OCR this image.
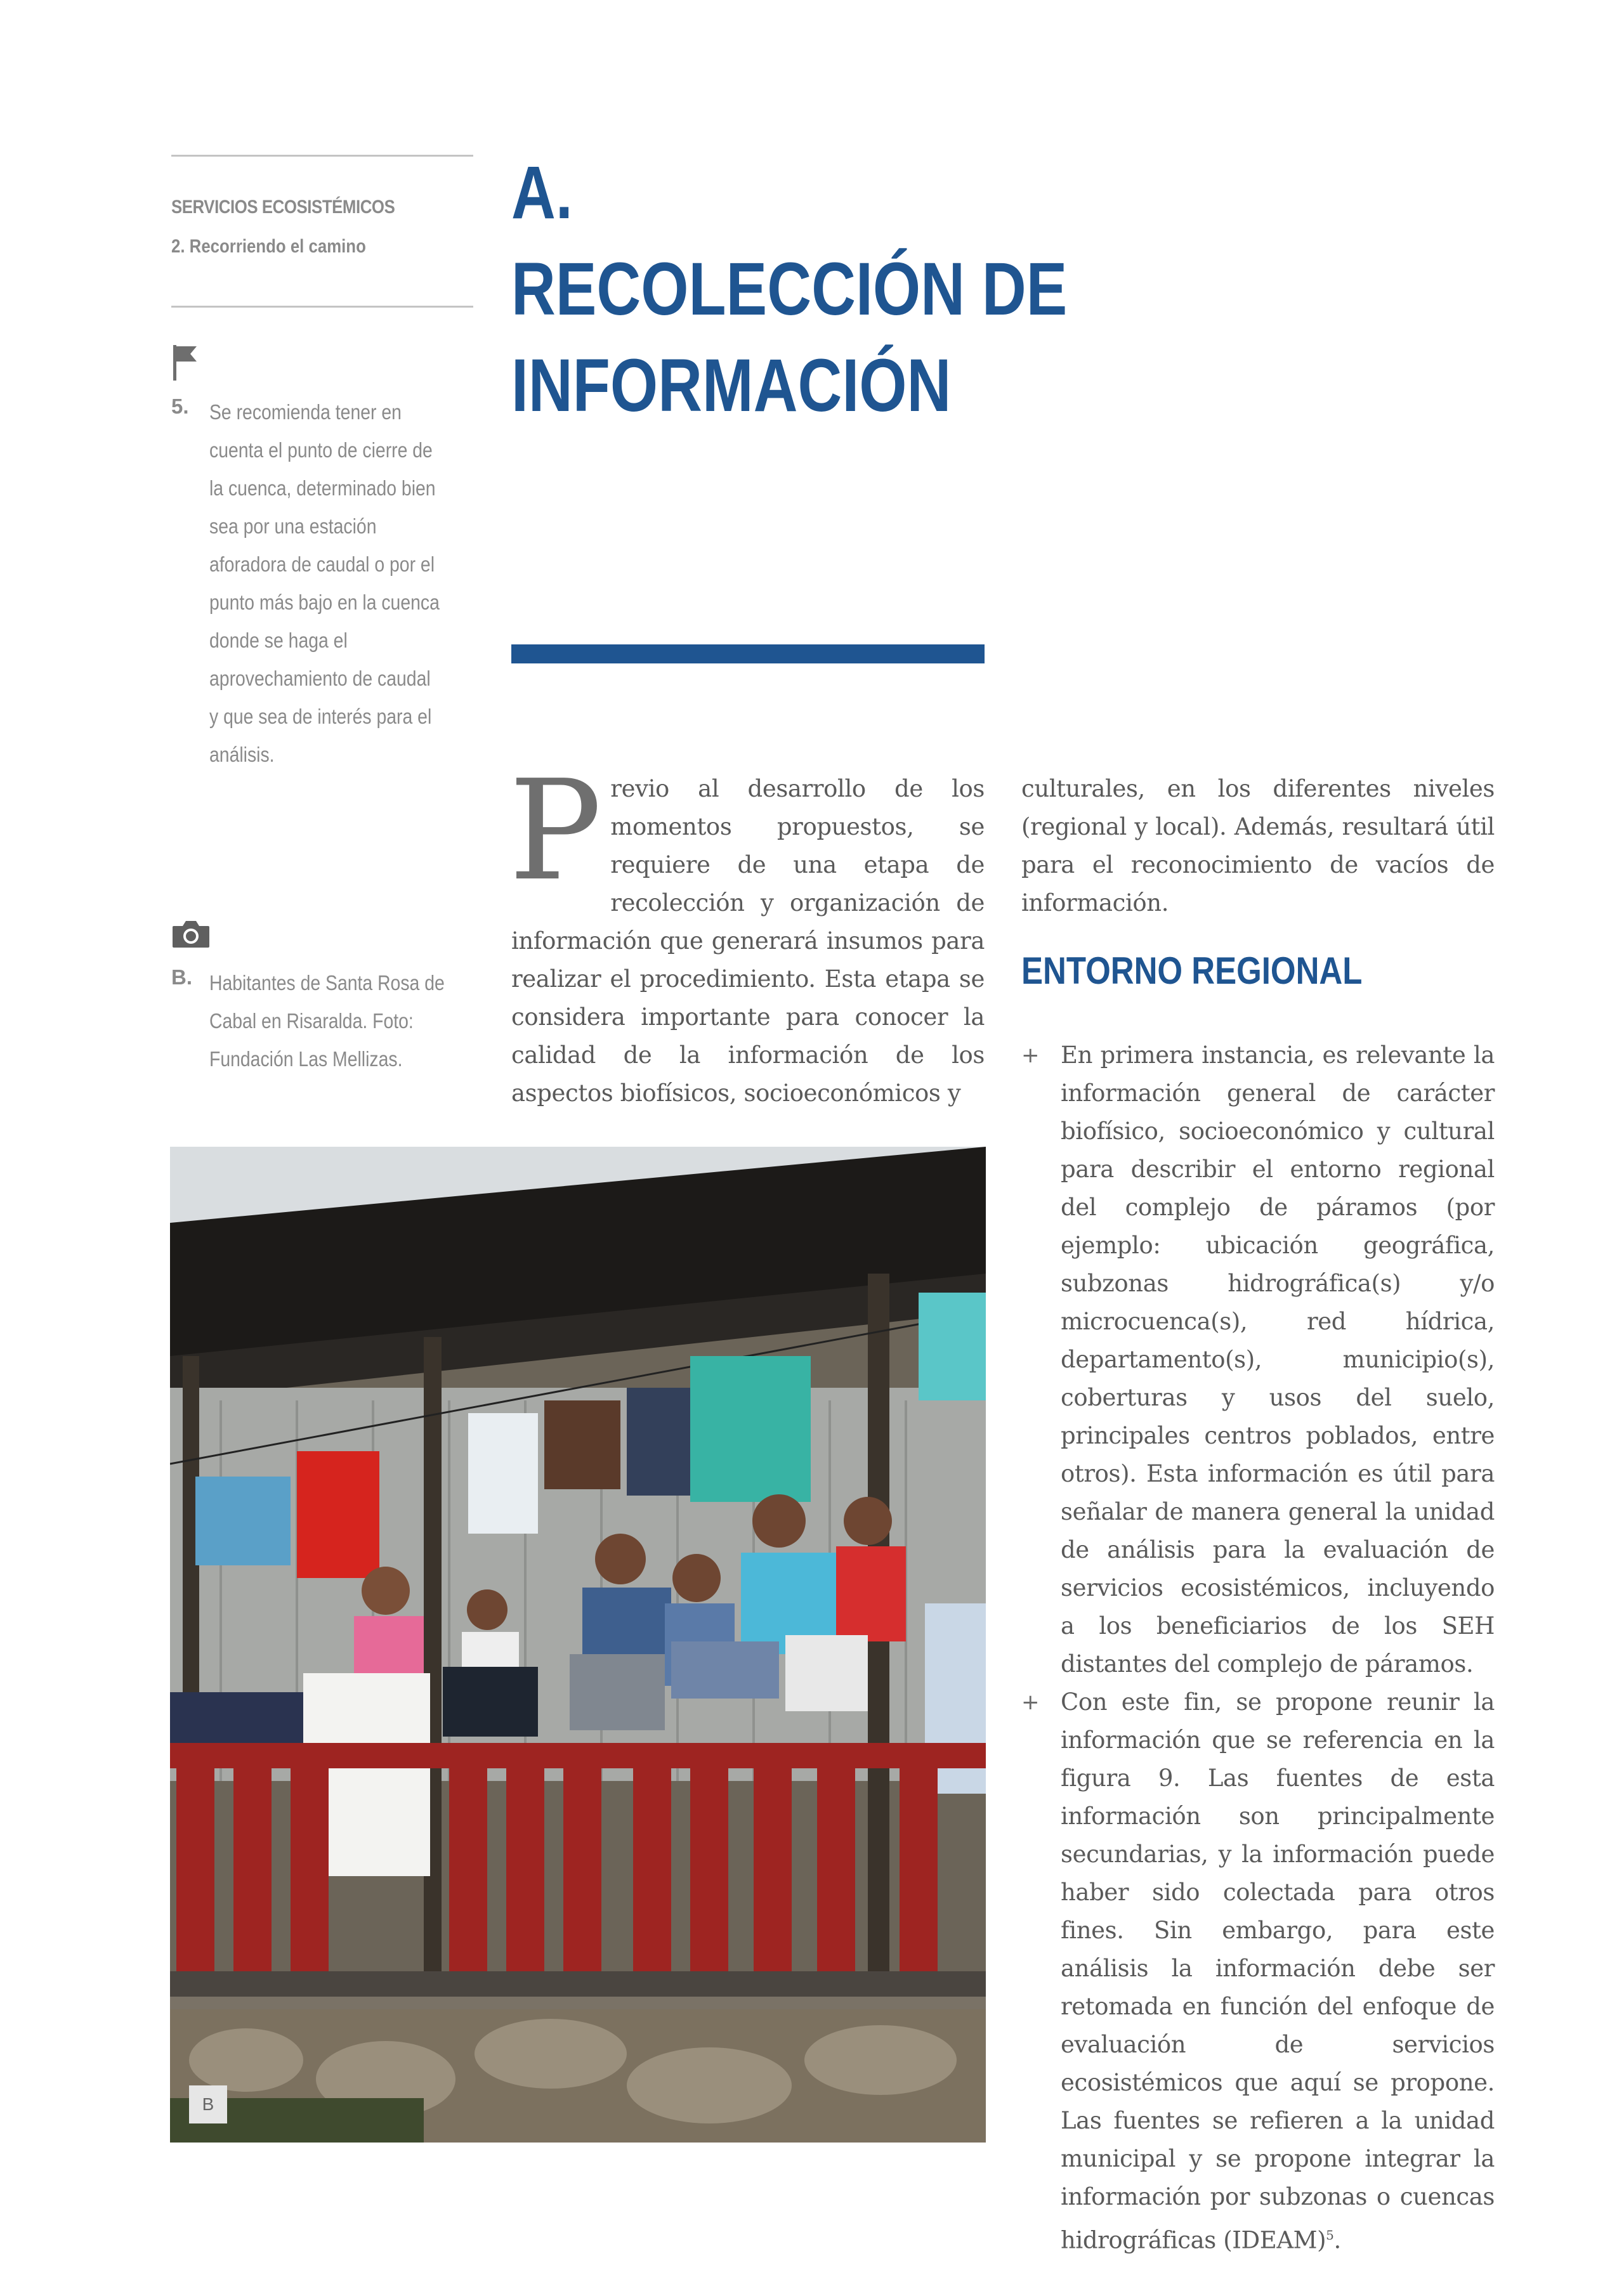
SERVICIOS ECOSISTÉMICOS
2. Recorriendo el camino
5. Se recomienda tener en cuenta el punto de cierre de la cuenca, determinado bien sea por una estación aforadora de caudal o por el punto más bajo en la cuenca donde se haga el aprovechamiento de caudal y que sea de interés para el análisis.
B. Habitantes de Santa Rosa de Cabal en Risaralda. Foto: Fundación Las Mellizas.
A.
RECOLECCIÓN DE
INFORMACIÓN
Previo al desarrollo de los momentos propuestos, se requiere de una etapa de recolección y organización de información que generará insumos para realizar el procedimiento. Esta etapa se considera importante para conocer la calidad de la información de los aspectos biofísicos, socioeconómicos y
culturales, en los diferentes niveles (regional y local). Además, resultará útil para el reconocimiento de vacíos de información.
ENTORNO REGIONAL
+ En primera instancia, es relevante la información general de carácter biofísico, socioeconómico y cultural para describir el entorno regional del complejo de páramos (por ejemplo: ubicación geográfica, subzonas hidrográfica(s) y/o microcuenca(s), red hídrica, departamento(s), municipio(s), coberturas y usos del suelo, principales centros poblados, entre otros). Esta información es útil para señalar de manera general la unidad de análisis para la evaluación de servicios ecosistémicos, incluyendo a los beneficiarios de los SEH distantes del complejo de páramos.
+ Con este fin, se propone reunir la información que se referencia en la figura 9. Las fuentes de esta información son principalmente secundarias, y la información puede haber sido colectada para otros fines. Sin embargo, para este análisis la información debe ser retomada en función del enfoque de evaluación de servicios ecosistémicos que aquí se propone. Las fuentes se refieren a la unidad municipal y se propone integrar la información por subzonas o cuencas hidrográficas (IDEAM)$^5$.
B
